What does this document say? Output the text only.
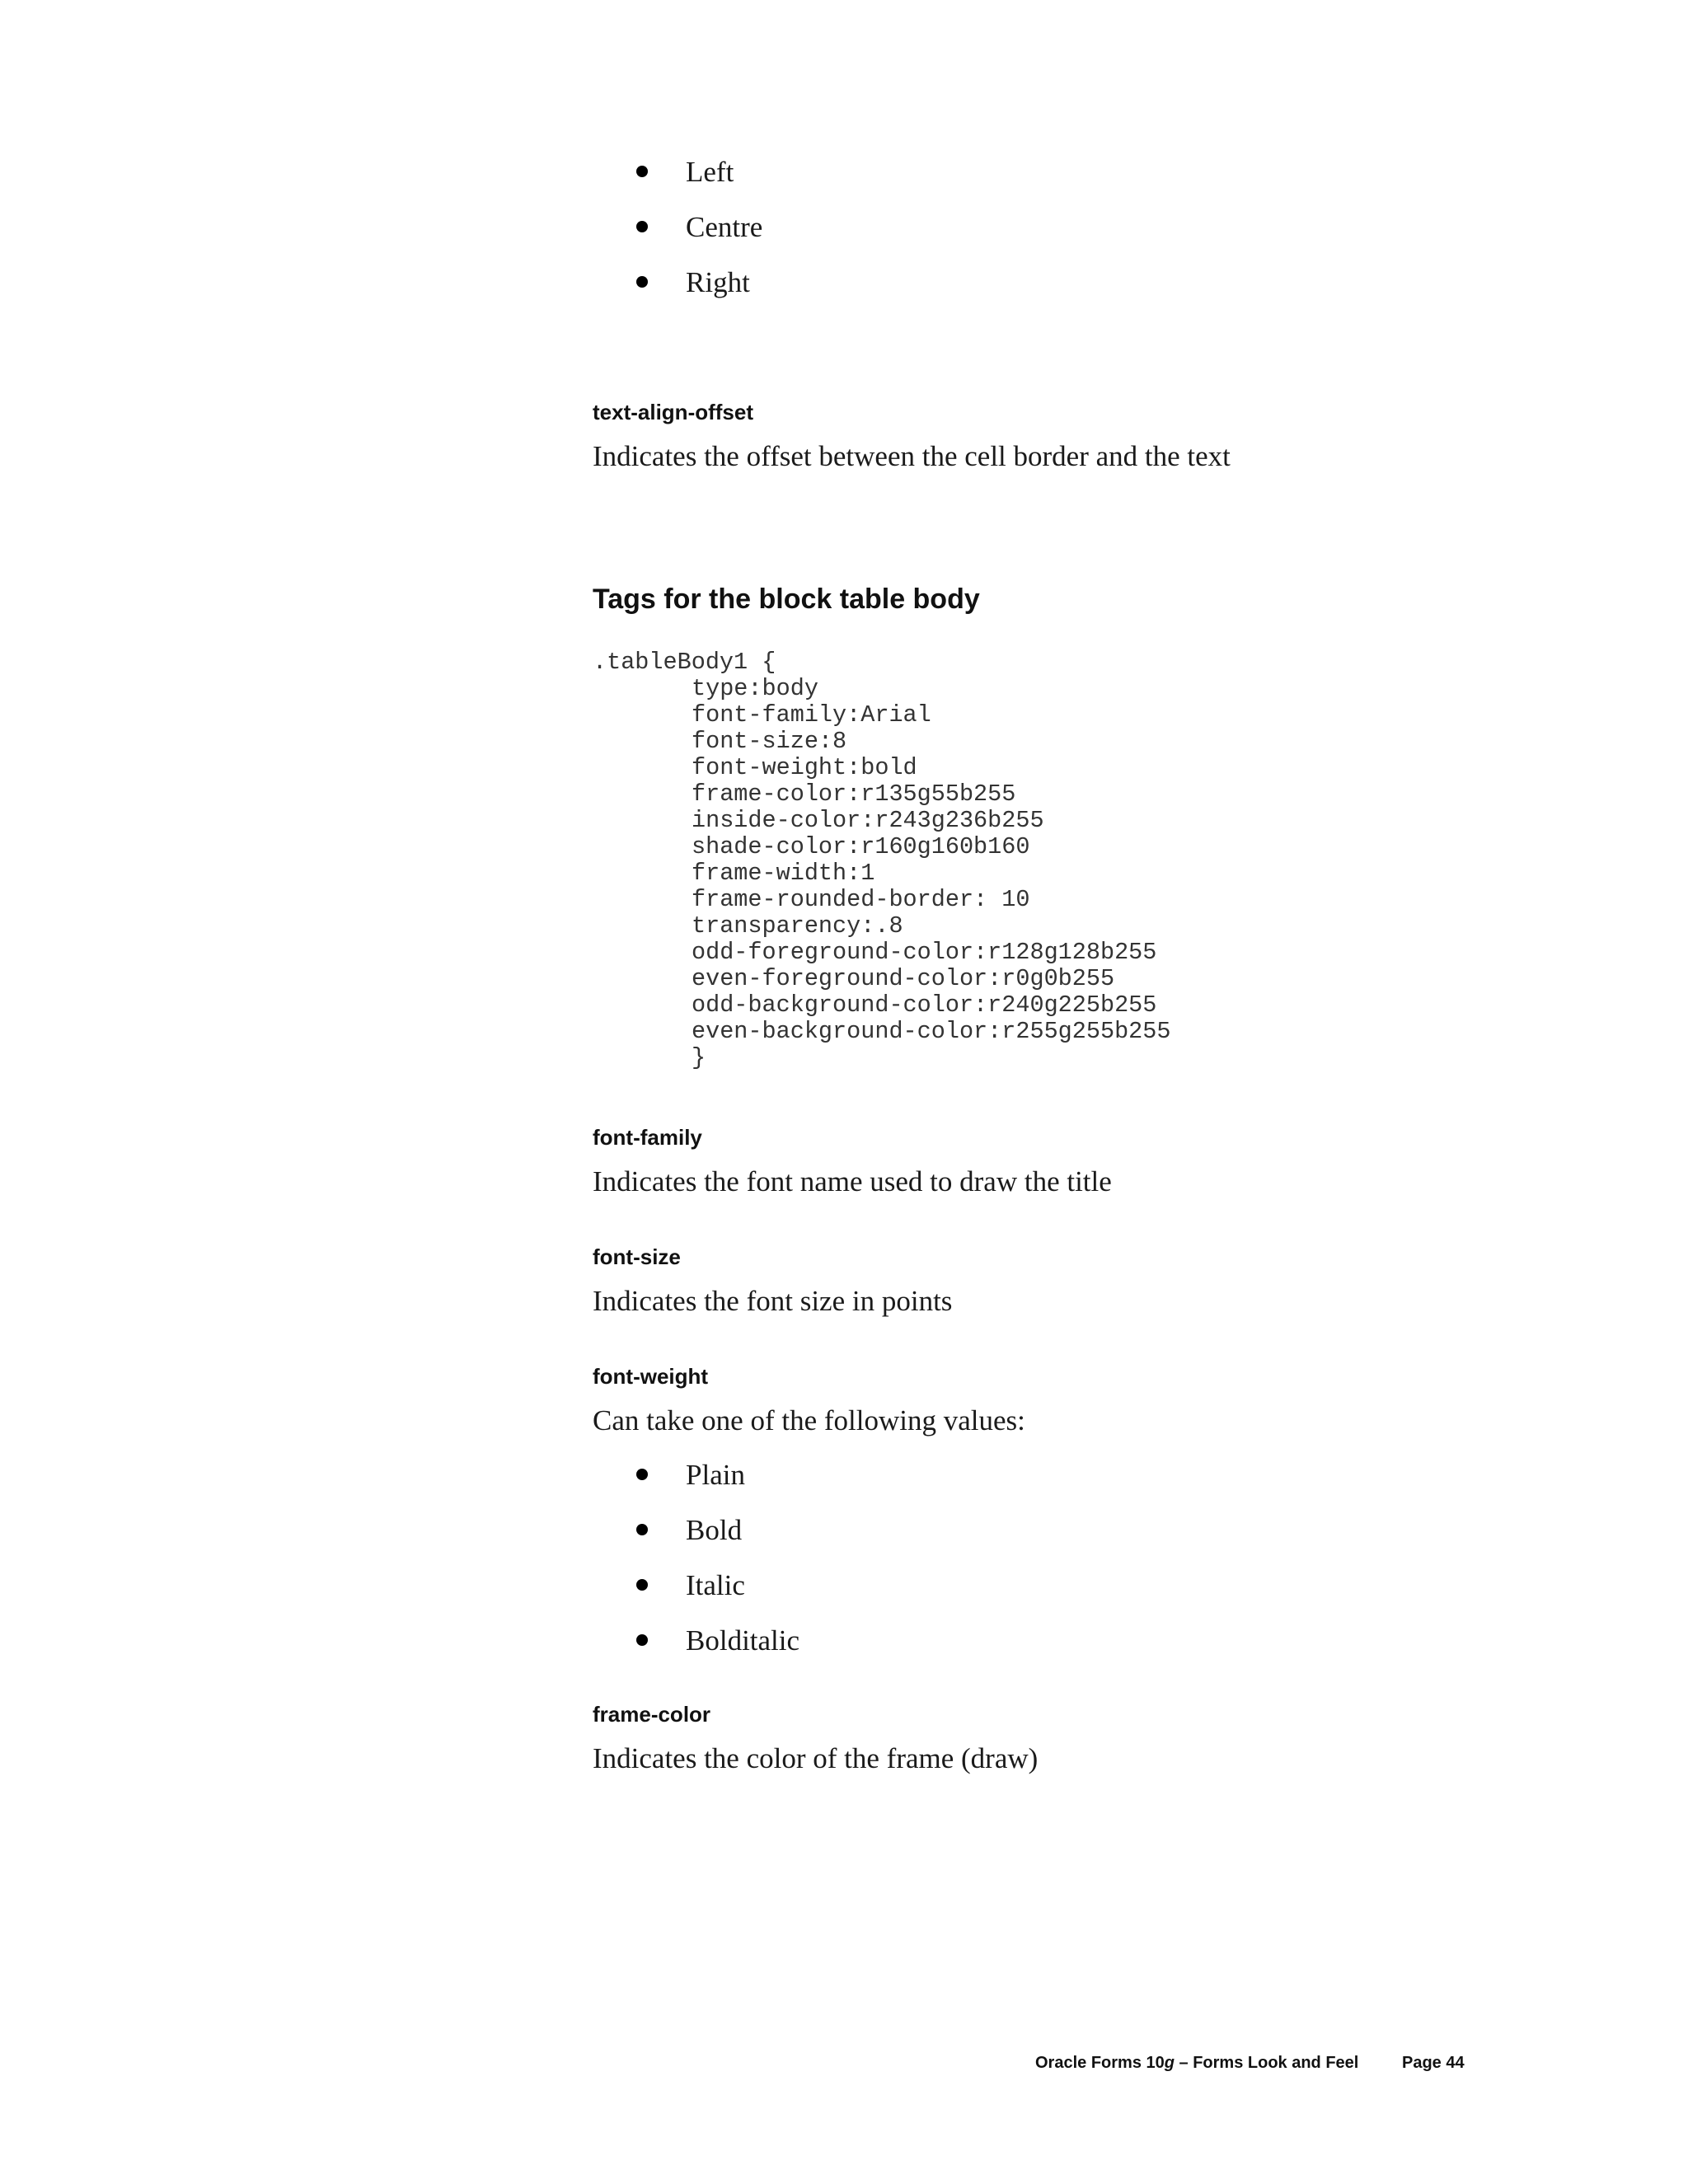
Left
Centre
Right
text-align-offset
Indicates the offset between the cell border and the text
Tags for the block table body
.tableBody1 {
type:body
font-family:Arial
font-size:8
font-weight:bold
frame-color:r135g55b255
inside-color:r243g236b255
shade-color:r160g160b160
frame-width:1
frame-rounded-border: 10
transparency:.8
odd-foreground-color:r128g128b255
even-foreground-color:r0g0b255
odd-background-color:r240g225b255
even-background-color:r255g255b255
}
font-family
Indicates the font name used to draw the title
font-size
Indicates the font size in points
font-weight
Can take one of the following values:
Plain
Bold
Italic
Bolditalic
frame-color
Indicates the color of the frame (draw)
Oracle Forms 10g – Forms Look and Feel	Page 44
